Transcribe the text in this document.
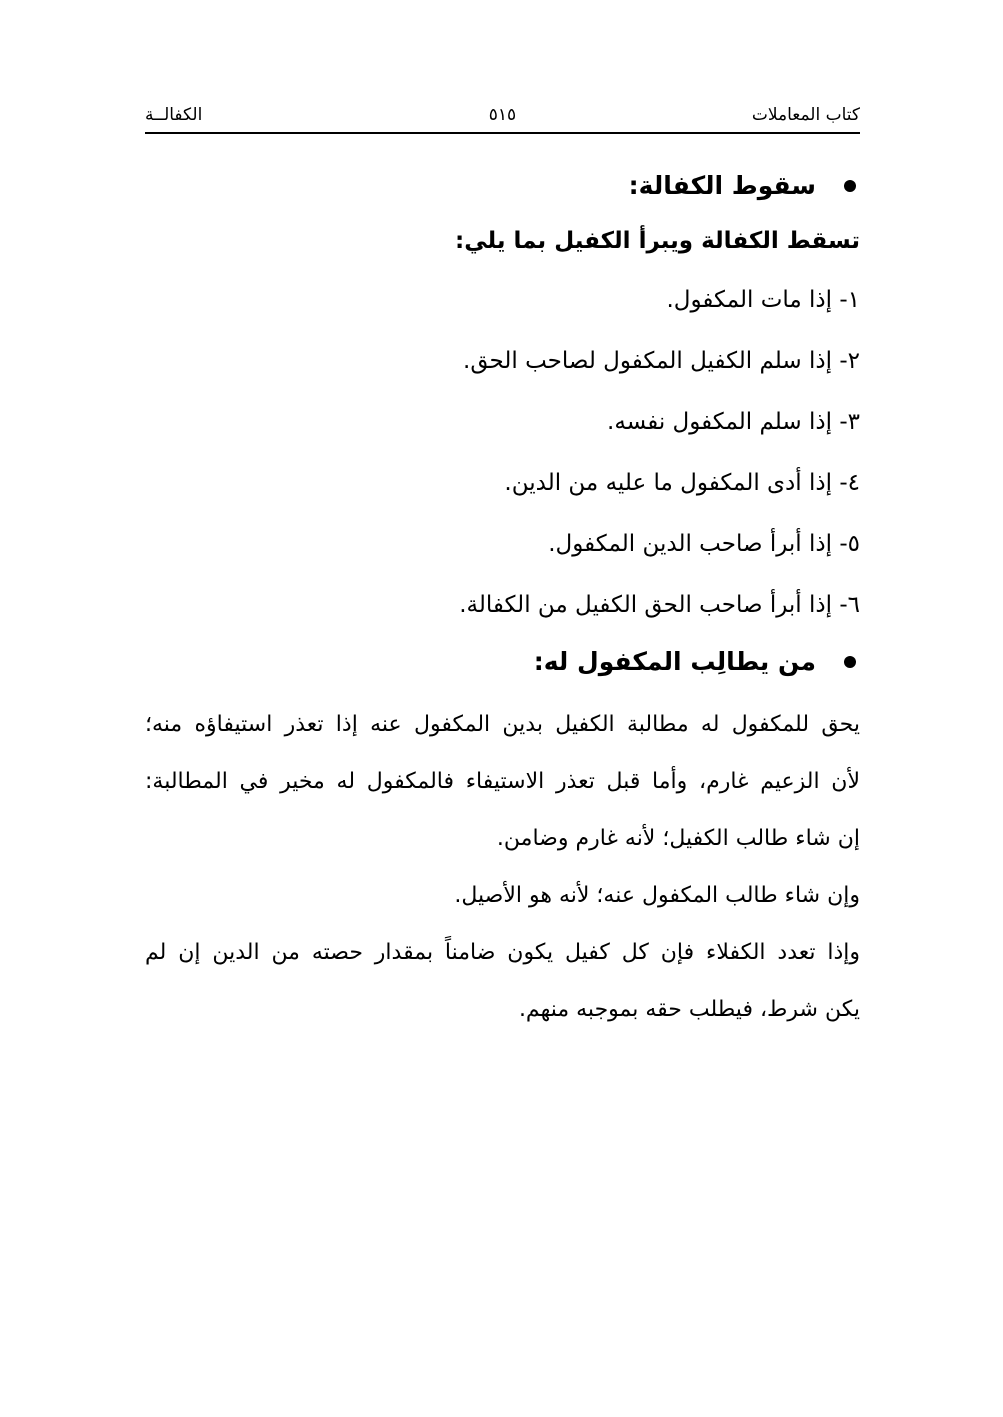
كتاب المعاملات
٥١٥
الكفالــة
سقوط الكفالة:
تسقط الكفالة ويبرأ الكفيل بما يلي:
١- إذا مات المكفول.
٢- إذا سلم الكفيل المكفول لصاحب الحق.
٣- إذا سلم المكفول نفسه.
٤- إذا أدى المكفول ما عليه من الدين.
٥- إذا أبرأ صاحب الدين المكفول.
٦- إذا أبرأ صاحب الحق الكفيل من الكفالة.
من يطالِب المكفول له:
يحق للمكفول له مطالبة الكفيل بدين المكفول عنه إذا تعذر استيفاؤه منه؛
لأن الزعيم غارم، وأما قبل تعذر الاستيفاء فالمكفول له مخير في المطالبة:
إن شاء طالب الكفيل؛ لأنه غارم وضامن.
وإن شاء طالب المكفول عنه؛ لأنه هو الأصيل.
وإذا تعدد الكفلاء فإن كل كفيل يكون ضامناً بمقدار حصته من الدين إن لم
يكن شرط، فيطلب حقه بموجبه منهم.
